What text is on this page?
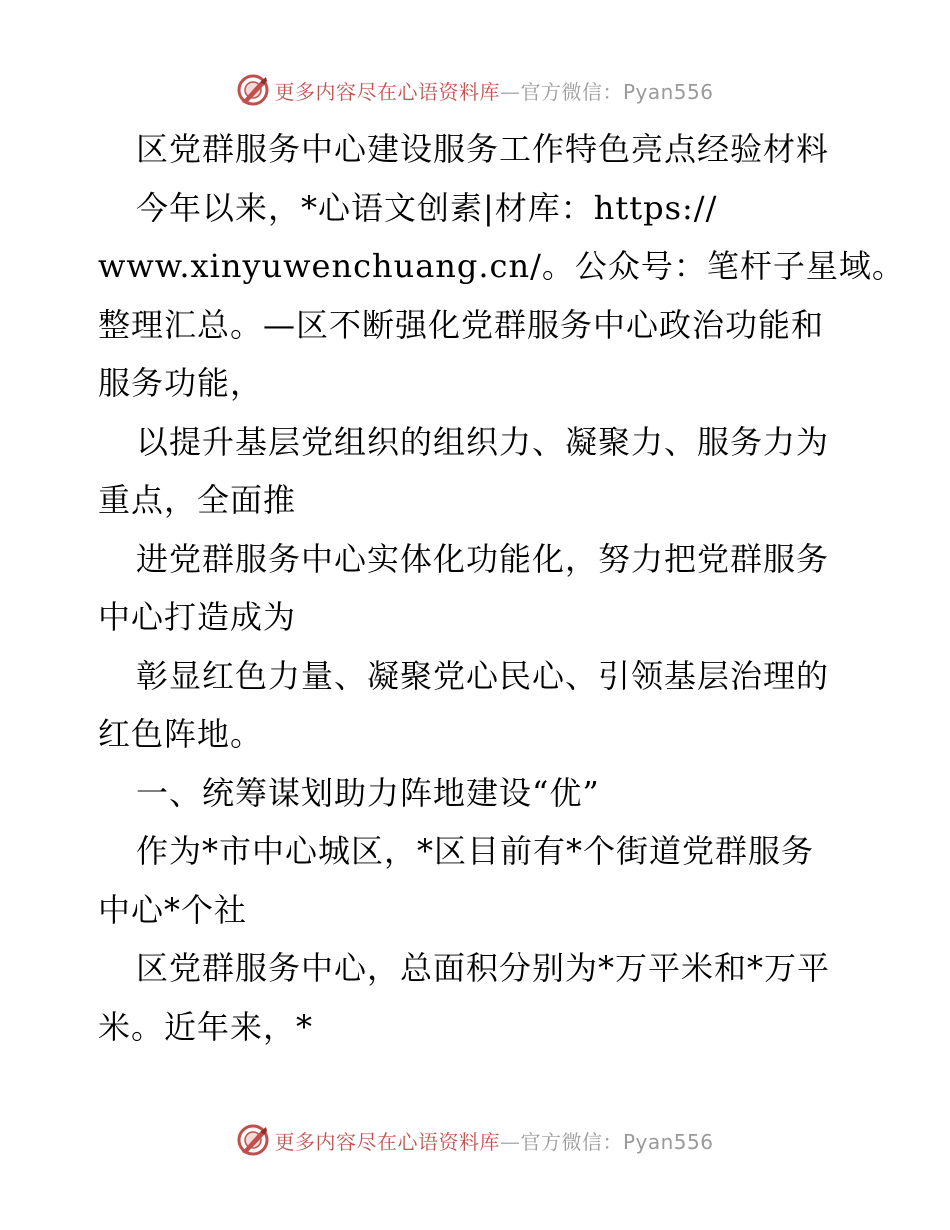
更多内容尽在心语资料库—官方微信：Pyan556
区党群服务中心建设服务工作特色亮点经验材料
今年以来，*心语文创素|材库：https://
www.xinyuwenchuang.cn/。公众号：笔杆子星域。
整理汇总。—区不断强化党群服务中心政治功能和
服务功能，
以提升基层党组织的组织力、凝聚力、服务力为
重点，全面推
进党群服务中心实体化功能化，努力把党群服务
中心打造成为
彰显红色力量、凝聚党心民心、引领基层治理的
红色阵地。
一、统筹谋划助力阵地建设“优”
作为*市中心城区，*区目前有*个街道党群服务
中心*个社
区党群服务中心，总面积分别为*万平米和*万平
米。近年来，*
更多内容尽在心语资料库—官方微信：Pyan556
